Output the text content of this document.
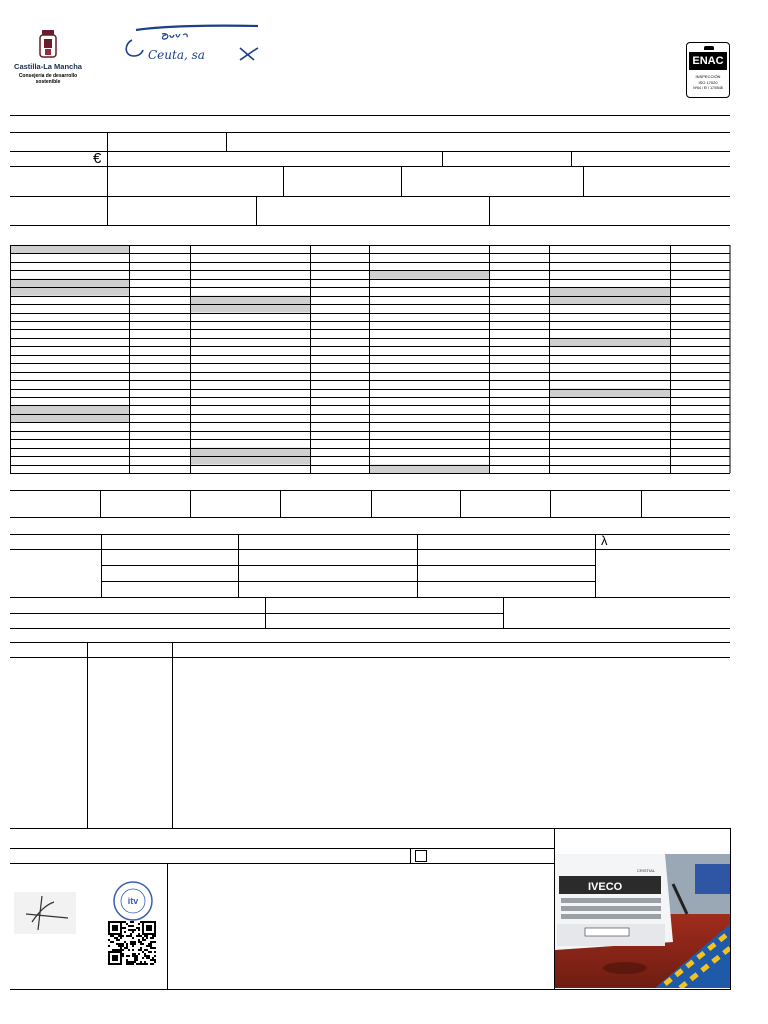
Castilla-La Mancha
Consejería de desarrollo
sostenible
Ceuta, sa	ENAC
INSPECCIÓN
ISO 17020
Nº64 / EI / 17/0548
€
λ
itv
IVECO
CRISTIAL
